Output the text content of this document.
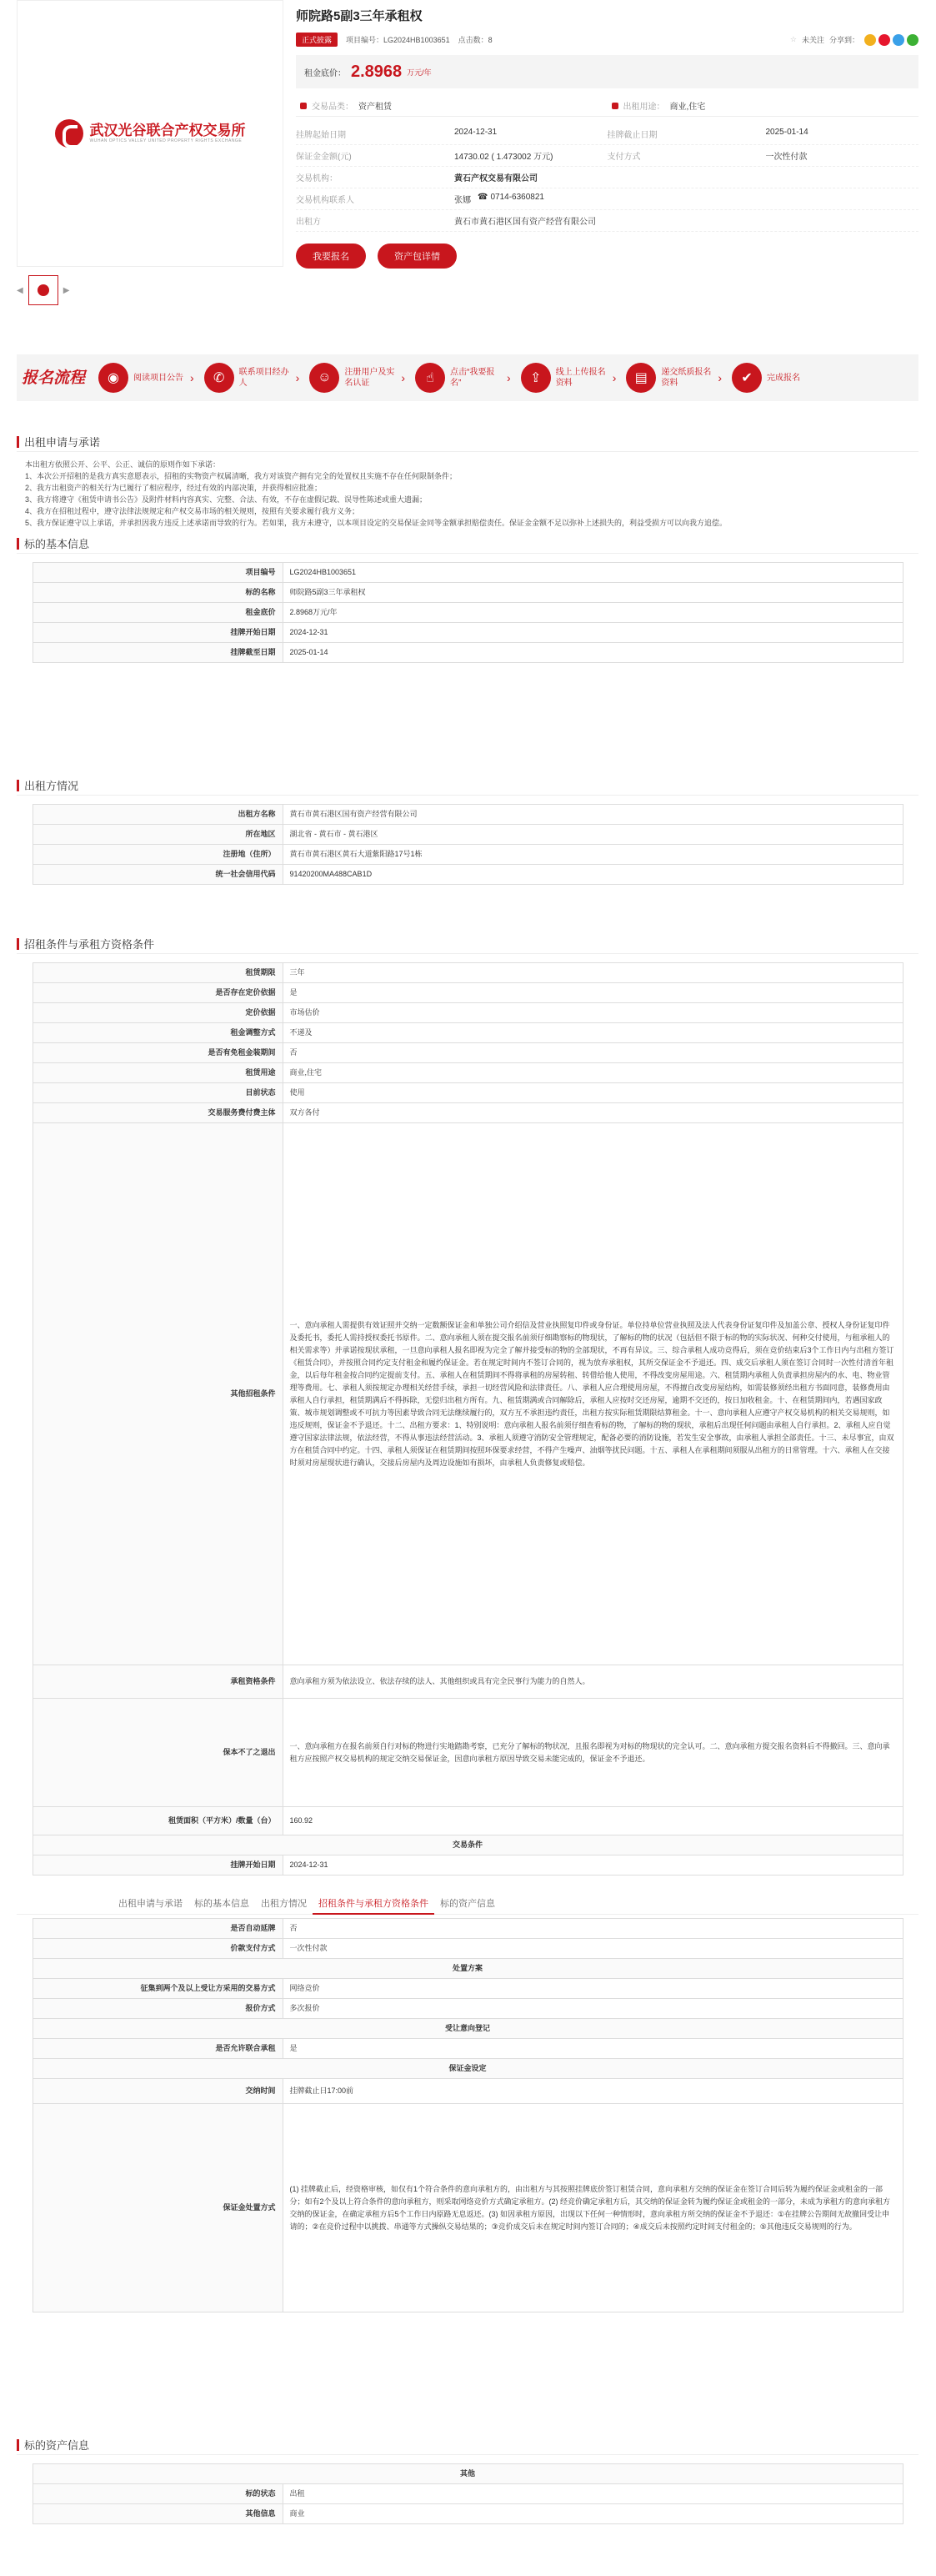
武汉光谷联合产权交易所
WUHAN OPTICS VALLEY UNITED PROPERTY RIGHTS EXCHANGE
◀	▶
师院路5副3三年承租权
正式披露	项目编号： LG2024HB1003651 点击数： 8	☆ 未关注 分享到：
租金底价： 2.8968 万元/年
交易品类： 资产租赁	出租用途： 商业,住宅
挂牌起始日期	2024-12-31	挂牌截止日期	2025-01-14
保证金金额(元)	14730.02 ( 1.473002 万元)	支付方式	一次性付款
交易机构：	黄石产权交易有限公司
交易机构联系人	张娜 ☎ 0714-6360821
出租方	黄石市黄石港区国有资产经营有限公司
我要报名	资产包详情
报名流程	◉	阅读项目公告 ›	✆	联系项目经办人	›	☺	注册用户及实名认证	›	☝	点击“我要报名”	›	⇪	线上上传报名资料	›	▤	递交纸质报名资料	›	✔	完成报名
出租申请与承诺
本出租方依照公开、公平、公正、诚信的原则作如下承诺：
1、本次公开招租的是我方真实意愿表示，招租的实物资产权属清晰，我方对该资产拥有完全的处置权且实施不存在任何限制条件；
2、我方出租资产的相关行为已履行了相应程序，经过有效的内部决策，并获得相应批准；
3、我方将遵守《租赁申请书公告》及附件材料内容真实、完整、合法、有效，不存在虚假记载、误导性陈述或重大遗漏；
4、我方在招租过程中，遵守法律法规规定和产权交易市场的相关规则，按照有关要求履行我方义务；
5、我方保证遵守以上承诺，并承担因我方违反上述承诺而导致的行为。若如果，我方未遵守，以本项目设定的交易保证金同等金额承担赔偿责任。保证金金额不足以弥补上述损失的，利益受损方可以向我方追偿。
标的基本信息
项目编号	LG2024HB1003651
标的名称	师院路5副3三年承租权
租金底价	2.8968万元/年
挂牌开始日期	2024-12-31
挂牌截至日期	2025-01-14
出租方情况
出租方名称	黄石市黄石港区国有资产经营有限公司
所在地区	湖北省 - 黄石市 - 黄石港区
注册地（住所）	黄石市黄石港区黄石大道紫阳路17号1栋
统一社会信用代码	91420200MA488CAB1D
招租条件与承租方资格条件
租赁期限	三年
是否存在定价依据	是
定价依据	市场估价
租金调整方式	不递及
是否有免租金装期间	否
租赁用途	商业,住宅
目前状态	使用
交易服务费付费主体	双方各付
其他招租条件	一、意向承租人需提供有效证照并交纳一定数额保证金和单独公司介绍信及营业执照复印件或身份证。单位持单位营业执照及法人代表身份证复印件及加盖公章、授权人身份证复印件及委托书，委托人需持授权委托书原件。二、意向承租人须在提交报名前须仔细勘察标的物现状，了解标的物的状况（包括但不限于标的物的实际状况、何种交付使用，与租承租人的相关需求等）并承诺按现状承租，一旦意向承租人报名即视为完全了解并接受标的物的全部现状，不再有异议。三、综合承租人成功竞得后，须在竞价结束后3个工作日内与出租方签订《租赁合同》，并按照合同约定支付租金和履约保证金。若在规定时间内不签订合同的，视为放弃承租权，其所交保证金不予退还。四、成交后承租人须在签订合同时一次性付清首年租金，以后每年租金按合同约定提前支付。五、承租人在租赁期间不得将承租的房屋转租、转借给他人使用，不得改变房屋用途。六、租赁期内承租人负责承担房屋内的水、电、物业管理等费用。七、承租人须按规定办理相关经营手续，承担一切经营风险和法律责任。八、承租人应合理使用房屋，不得擅自改变房屋结构，如需装修须经出租方书面同意，装修费用由承租人自行承担，租赁期满后不得拆除，无偿归出租方所有。九、租赁期满或合同解除后，承租人应按时交还房屋，逾期不交还的，按日加收租金。十、在租赁期间内，若遇国家政策、城市规划调整或不可抗力等因素导致合同无法继续履行的，双方互不承担违约责任，出租方按实际租赁期限结算租金。十一、意向承租人应遵守产权交易机构的相关交易规则，如违反规则，保证金不予退还。十二、出租方要求：1、特别说明：意向承租人报名前须仔细查看标的物，了解标的物的现状，承租后出现任何问题由承租人自行承担。2、承租人应自觉遵守国家法律法规，依法经营，不得从事违法经营活动。3、承租人须遵守消防安全管理规定，配备必要的消防设施，若发生安全事故，由承租人承担全部责任。十三、未尽事宜，由双方在租赁合同中约定。十四、承租人须保证在租赁期间按照环保要求经营，不得产生噪声、油烟等扰民问题。十五、承租人在承租期间须服从出租方的日常管理。十六、承租人在交接时须对房屋现状进行确认，交接后房屋内及周边设施如有损坏，由承租人负责修复或赔偿。
承租资格条件	意向承租方须为依法设立、依法存续的法人、其他组织或具有完全民事行为能力的自然人。
保本不了之退出	一、意向承租方在报名前须自行对标的物进行实地踏勘考察，已充分了解标的物状况，且报名即视为对标的物现状的完全认可。二、意向承租方提交报名资料后不得撤回。三、意向承租方应按照产权交易机构的规定交纳交易保证金，因意向承租方原因导致交易未能完成的，保证金不予退还。
租赁面积（平方米）/数量（台）	160.92
交易条件	
挂牌开始日期	2024-12-31
出租申请与承诺	标的基本信息	出租方情况	招租条件与承租方资格条件	标的资产信息
是否自动延牌	否
价款支付方式	一次性付款
处置方案	
征集到两个及以上受让方采用的交易方式	网络竞价
报价方式	多次报价
受让意向登记	
是否允许联合承租	是
保证金设定	
交纳时间	挂牌截止日17:00前
保证金处置方式	(1) 挂牌截止后，经资格审核，如仅有1个符合条件的意向承租方的，由出租方与其按照挂牌底价签订租赁合同，意向承租方交纳的保证金在签订合同后转为履约保证金或租金的一部分；如有2个及以上符合条件的意向承租方，则采取网络竞价方式确定承租方。(2) 经竞价确定承租方后，其交纳的保证金转为履约保证金或租金的一部分，未成为承租方的意向承租方交纳的保证金，在确定承租方后5个工作日内原路无息返还。(3) 如因承租方原因，出现以下任何一种情形时，意向承租方所交纳的保证金不予退还：①在挂牌公告期间无故撤回受让申请的；②在竞价过程中以挑拨、串通等方式操纵交易结果的；③竞价成交后未在规定时间内签订合同的；④成交后未按照约定时间支付租金的；⑤其他违反交易规则的行为。
标的资产信息
其他	
标的状态	出租
其他信息	商业
